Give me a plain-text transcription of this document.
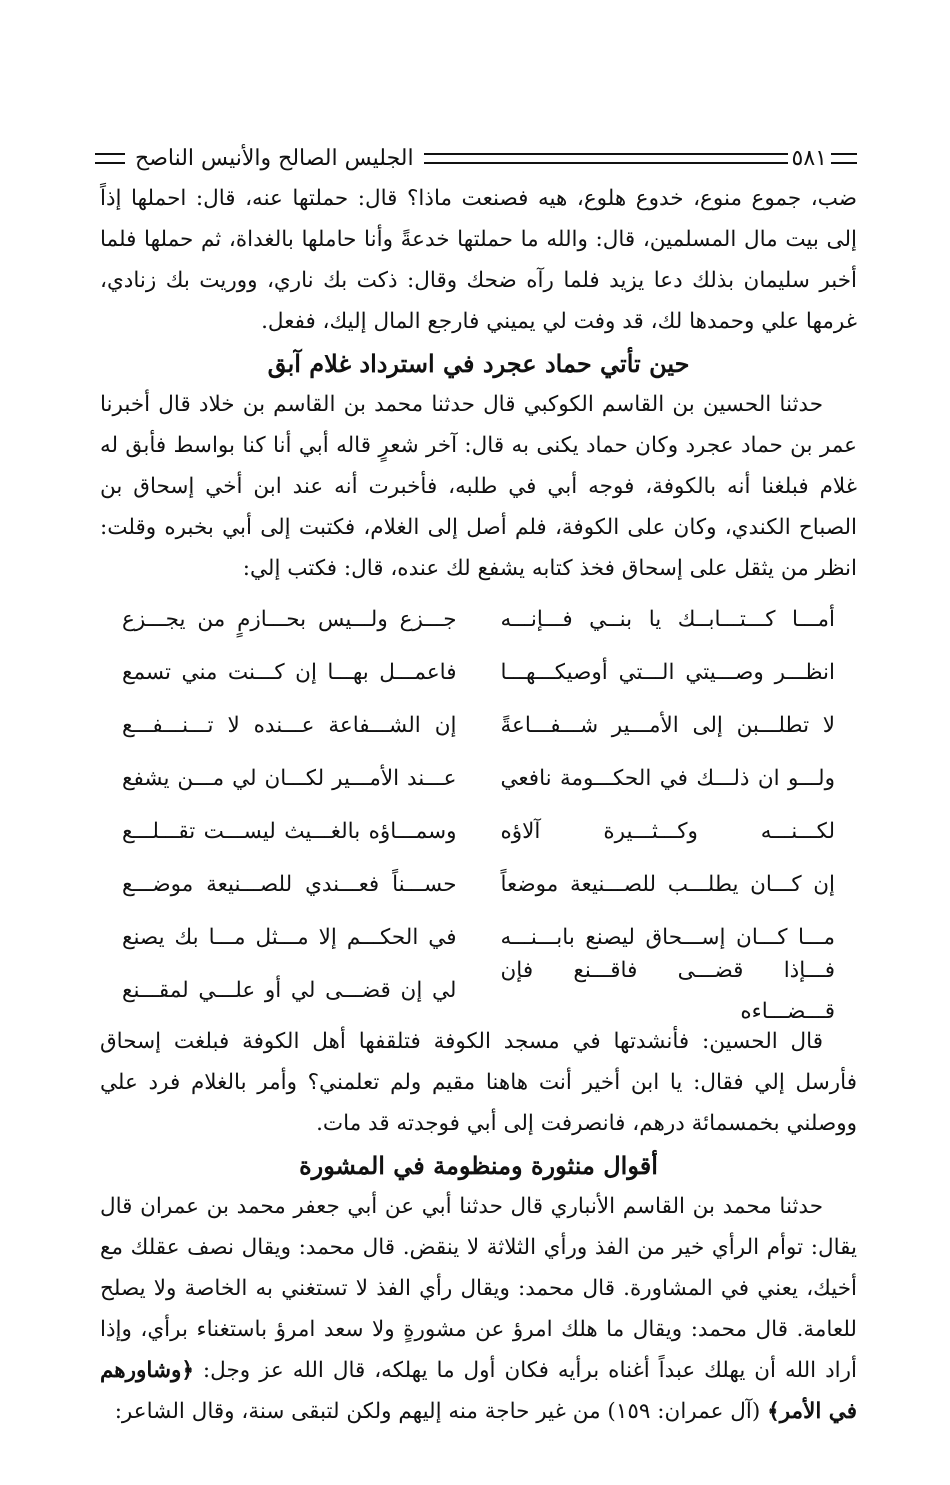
الجليس الصالح والأنيس الناصح	٥٨١

ضب، جموع منوع، خدوع هلوع، هيه فصنعت ماذا؟ قال: حملتها عنه، قال: احملها إذاً إلى بيت مال المسلمين، قال: والله ما حملتها خدعةً وأنا حاملها بالغداة، ثم حملها فلما أخبر سليمان بذلك دعا يزيد فلما رآه ضحك وقال: ذكت بك ناري، ووريت بك زنادي، غرمها علي وحمدها لك، قد وفت لي يميني فارجع المال إليك، ففعل.

حين تأتي حماد عجرد في استرداد غلام آبق

حدثنا الحسين بن القاسم الكوكبي قال حدثنا محمد بن القاسم بن خلاد قال أخبرنا عمر بن حماد عجرد وكان حماد يكنى به قال: آخر شعرٍ قاله أبي أنا كنا بواسط فأبق له غلام فبلغنا أنه بالكوفة، فوجه أبي في طلبه، فأخبرت أنه عند ابن أخي إسحاق بن الصباح الكندي، وكان على الكوفة، فلم أصل إلى الغلام، فكتبت إلى أبي بخبره وقلت: انظر من يثقل على إسحاق فخذ كتابه يشفع لك عنده، قال: فكتب إلي:

أمـــا كـــتـــابــك يا بنــي فـــإنـــه
جـــزع ولـــيس بحـــازمٍ من يجـــزع
انظـــر وصـــيتي الـــتي أوصيكـــهـــا
فاعمـــل بهـــا إن كـــنت مني تسمع
لا تطلـــبن إلى الأمـــير شـــفـــاعةً
إن الشـــفاعة عـــنده لا تـــنـــفـــع
ولـــو ان ذلـــك في الحكـــومة نافعي
عـــند الأمـــير لكـــان لي مـــن يشفع
لكـــنـــه وكـــثـــيرة آلاؤه
وسمـــاؤه بالغـــيث ليســـت تقـــلـــع
إن كـــان يطلـــب للصـــنيعة موضعاً
حســـناً فعـــندي للصـــنيعة موضـــع
مـــا كـــان إســـحاق ليصنع بابـــنـــه
في الحكـــم إلا مـــثل مـــا بك يصنع
فـــإذا قضـــى فاقـــنع فإن قـــضـــاءه
لي إن قضـــى لي أو علـــي لمقـــنع

قال الحسين: فأنشدتها في مسجد الكوفة فتلقفها أهل الكوفة فبلغت إسحاق فأرسل إلي فقال: يا ابن أخير أنت هاهنا مقيم ولم تعلمني؟ وأمر بالغلام فرد علي ووصلني بخمسمائة درهم، فانصرفت إلى أبي فوجدته قد مات.

أقوال منثورة ومنظومة في المشورة

حدثنا محمد بن القاسم الأنباري قال حدثنا أبي عن أبي جعفر محمد بن عمران قال يقال: توأم الرأي خير من الفذ ورأي الثلاثة لا ينقض. قال محمد: ويقال نصف عقلك مع أخيك، يعني في المشاورة. قال محمد: ويقال رأي الفذ لا تستغني به الخاصة ولا يصلح للعامة. قال محمد: ويقال ما هلك امرؤ عن مشورةٍ ولا سعد امرؤ باستغناء برأي، وإذا أراد الله أن يهلك عبداً أغناه برأيه فكان أول ما يهلكه، قال الله عز وجل: ﴿وشاورهم في الأمر﴾ (آل عمران: ١٥٩) من غير حاجة منه إليهم ولكن لتبقى سنة، وقال الشاعر:
